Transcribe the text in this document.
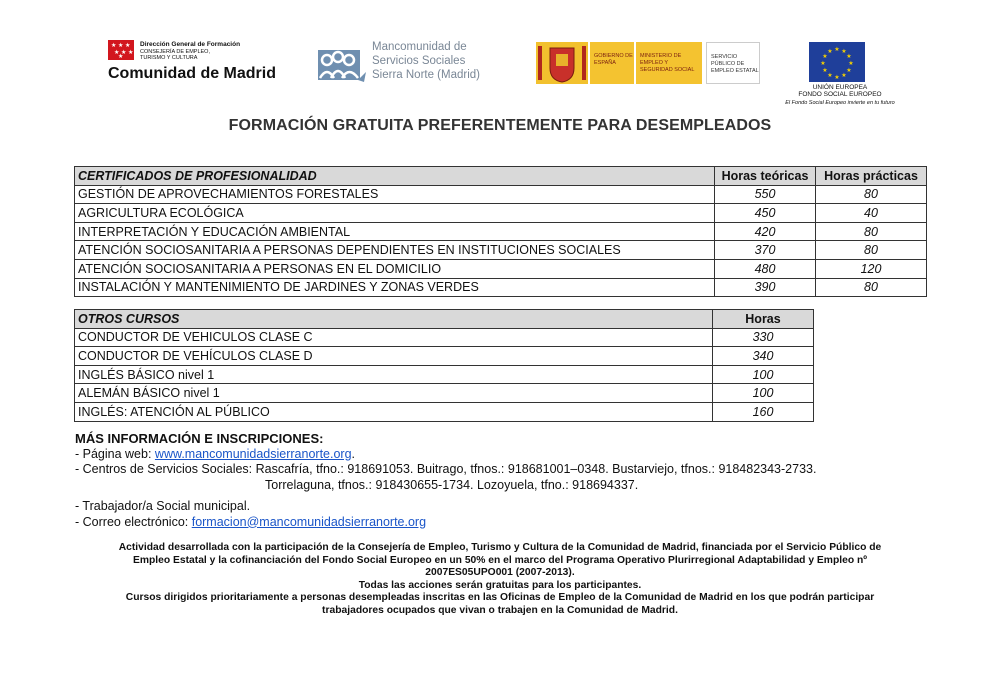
★ ★ ★
★ ★ ★
★
Dirección General de Formación
CONSEJERÍA DE EMPLEO, TURISMO Y CULTURA
Comunidad de Madrid
Mancomunidad de
Servicios Sociales
Sierra Norte (Madrid)
GOBIERNO DE ESPAÑA
MINISTERIO DE EMPLEO Y SEGURIDAD SOCIAL
SERVICIO PÚBLICO DE EMPLEO ESTATAL
★ ★
★
★
★
★
★
★
★
★
★
★
UNIÓN EUROPEA
FONDO SOCIAL EUROPEO
El Fondo Social Europeo invierte en tu futuro
FORMACIÓN GRATUITA PREFERENTEMENTE PARA DESEMPLEADOS
CERTIFICADOS DE PROFESIONALIDAD	Horas teóricas	Horas prácticas
GESTIÓN DE APROVECHAMIENTOS FORESTALES	550	80
AGRICULTURA ECOLÓGICA	450	40
INTERPRETACIÓN Y EDUCACIÓN AMBIENTAL	420	80
ATENCIÓN SOCIOSANITARIA A PERSONAS DEPENDIENTES EN INSTITUCIONES SOCIALES	370	80
ATENCIÓN SOCIOSANITARIA A PERSONAS EN EL DOMICILIO	480	120
INSTALACIÓN Y MANTENIMIENTO DE JARDINES Y ZONAS VERDES	390	80
OTROS CURSOS	Horas
CONDUCTOR DE VEHICULOS CLASE C	330
CONDUCTOR DE VEHÍCULOS CLASE D	340
INGLÉS BÁSICO nivel 1	100
ALEMÁN BÁSICO nivel 1	100
INGLÉS: ATENCIÓN AL PÚBLICO	160
MÁS INFORMACIÓN E INSCRIPCIONES:
- Página web: www.mancomunidadsierranorte.org.
- Centros de Servicios Sociales: Rascafría, tfno.: 918691053. Buitrago, tfnos.: 918681001–0348. Bustarviejo, tfnos.: 918482343-2733.
Torrelaguna, tfnos.: 918430655-1734. Lozoyuela, tfno.: 918694337.
- Trabajador/a Social municipal.
- Correo electrónico: formacion@mancomunidadsierranorte.org
Actividad desarrollada con la participación de la Consejería de Empleo, Turismo y Cultura de la Comunidad de Madrid, financiada por el Servicio Público de Empleo Estatal y la cofinanciación del Fondo Social Europeo en un 50% en el marco del Programa Operativo Plurirregional Adaptabilidad y Empleo nº 2007ES05UPO001 (2007-2013).
Todas las acciones serán gratuitas para los participantes.
Cursos dirigidos prioritariamente a personas desempleadas inscritas en las Oficinas de Empleo de la Comunidad de Madrid en los que podrán participar trabajadores ocupados que vivan o trabajen en la Comunidad de Madrid.
